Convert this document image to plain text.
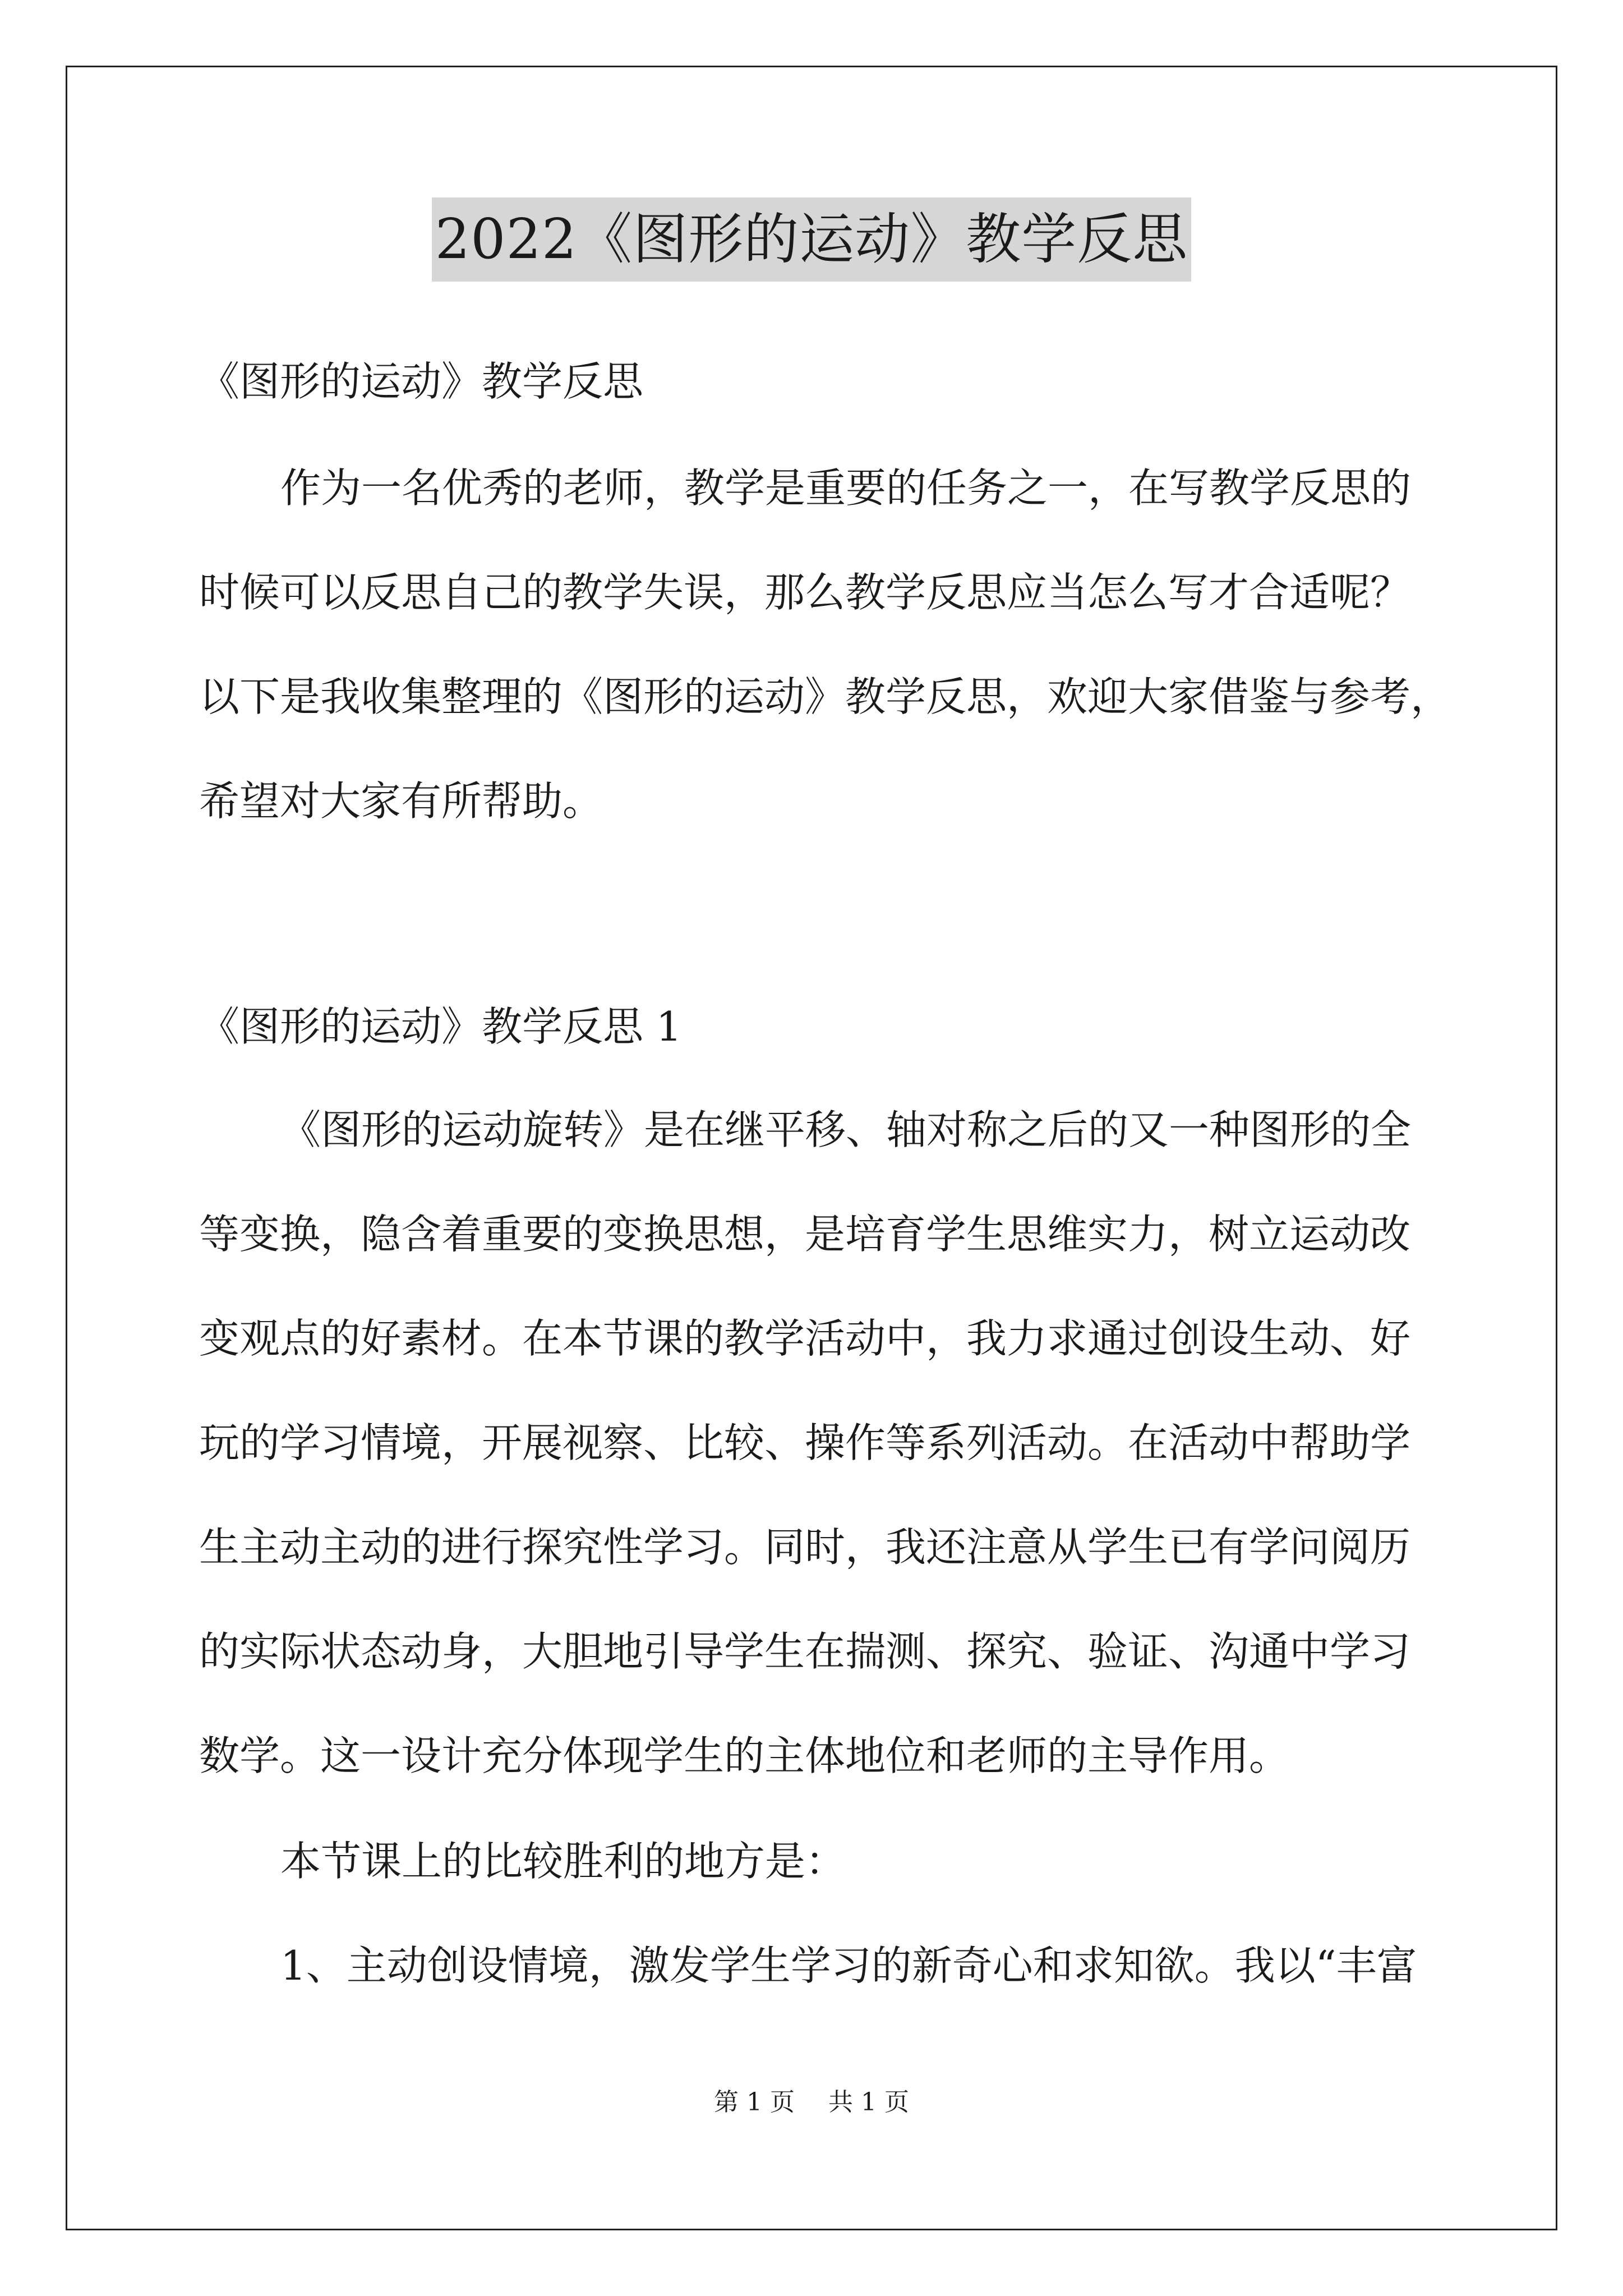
2022《图形的运动》教学反思

《图形的运动》教学反思

作为一名优秀的老师，教学是重要的任务之一，在写教学反思的

时候可以反思自己的教学失误，那么教学反思应当怎么写才合适呢？

以下是我收集整理的《图形的运动》教学反思，欢迎大家借鉴与参考，

希望对大家有所帮助。

《图形的运动》教学反思 1

《图形的运动旋转》是在继平移、轴对称之后的又一种图形的全

等变换，隐含着重要的变换思想，是培育学生思维实力，树立运动改

变观点的好素材。在本节课的教学活动中，我力求通过创设生动、好

玩的学习情境，开展视察、比较、操作等系列活动。在活动中帮助学

生主动主动的进行探究性学习。同时，我还注意从学生已有学问阅历

的实际状态动身，大胆地引导学生在揣测、探究、验证、沟通中学习

数学。这一设计充分体现学生的主体地位和老师的主导作用。

本节课上的比较胜利的地方是：

1、主动创设情境，激发学生学习的新奇心和求知欲。我以“丰富

第 1 页 共 1 页
